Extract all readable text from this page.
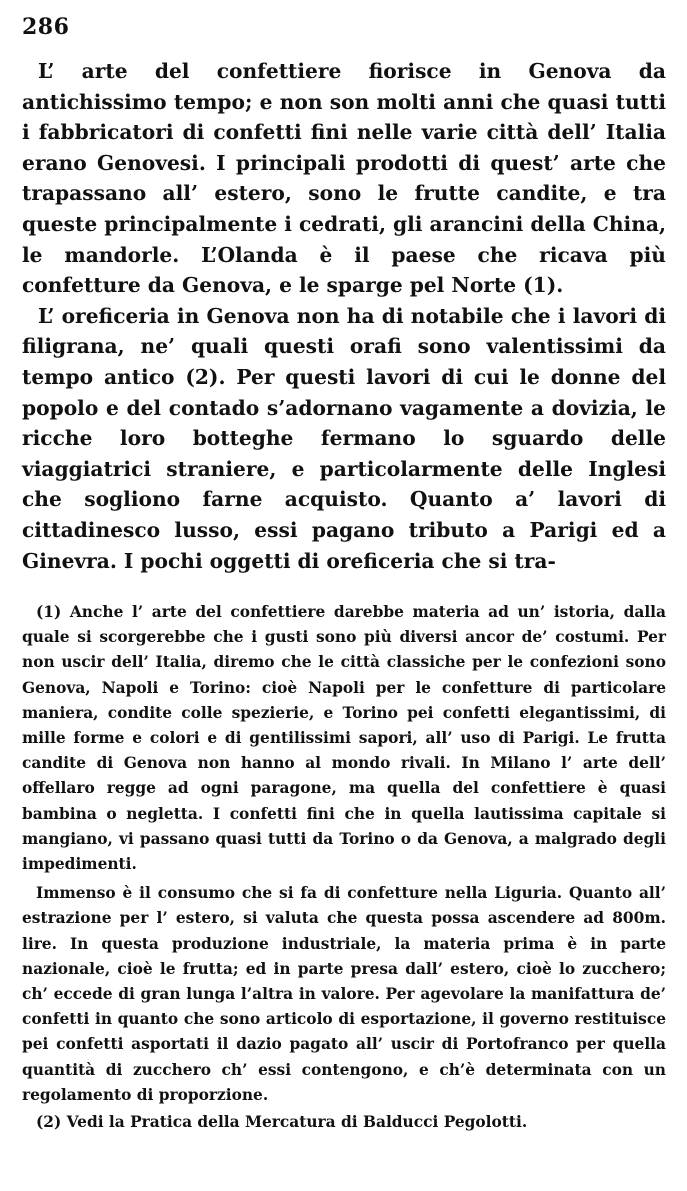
286

L’ arte del confettiere fiorisce in Genova da antichissimo tempo; e non son molti anni che quasi tutti i fabbricatori di confetti fini nelle varie città dell’ Italia erano Genovesi. I principali prodotti di quest’ arte che trapassano all’ estero, sono le frutte candite, e tra queste principalmente i cedrati, gli arancini della China, le mandorle. L’Olanda è il paese che ricava più confetture da Genova, e le sparge pel Norte (1).

L’ oreficeria in Genova non ha di notabile che i lavori di filigrana, ne’ quali questi orafi sono valentissimi da tempo antico (2). Per questi lavori di cui le donne del popolo e del contado s’adornano vagamente a dovizia, le ricche loro botteghe fermano lo sguardo delle viaggiatrici straniere, e particolarmente delle Inglesi che sogliono farne acquisto. Quanto a’ lavori di cittadinesco lusso, essi pagano tributo a Parigi ed a Ginevra. I pochi oggetti di oreficeria che si tra-

(1) Anche l’ arte del confettiere darebbe materia ad un’ istoria, dalla quale si scorgerebbe che i gusti sono più diversi ancor de’ costumi. Per non uscir dell’ Italia, diremo che le città classiche per le confezioni sono Genova, Napoli e Torino: cioè Napoli per le confetture di particolare maniera, condite colle spezierie, e Torino pei confetti elegantissimi, di mille forme e colori e di gentilissimi sapori, all’ uso di Parigi. Le frutta candite di Genova non hanno al mondo rivali. In Milano l’ arte dell’ offellaro regge ad ogni paragone, ma quella del confettiere è quasi bambina o negletta. I confetti fini che in quella lautissima capitale si mangiano, vi passano quasi tutti da Torino o da Genova, a malgrado degli impedimenti.

Immenso è il consumo che si fa di confetture nella Liguria. Quanto all’ estrazione per l’ estero, si valuta che questa possa ascendere ad 800m. lire. In questa produzione industriale, la materia prima è in parte nazionale, cioè le frutta; ed in parte presa dall’ estero, cioè lo zucchero; ch’ eccede di gran lunga l’altra in valore. Per agevolare la manifattura de’ confetti in quanto che sono articolo di esportazione, il governo restituisce pei confetti asportati il dazio pagato all’ uscir di Portofranco per quella quantità di zucchero ch’ essi contengono, e ch’è determinata con un regolamento di proporzione.

(2) Vedi la Pratica della Mercatura di Balducci Pegolotti.
